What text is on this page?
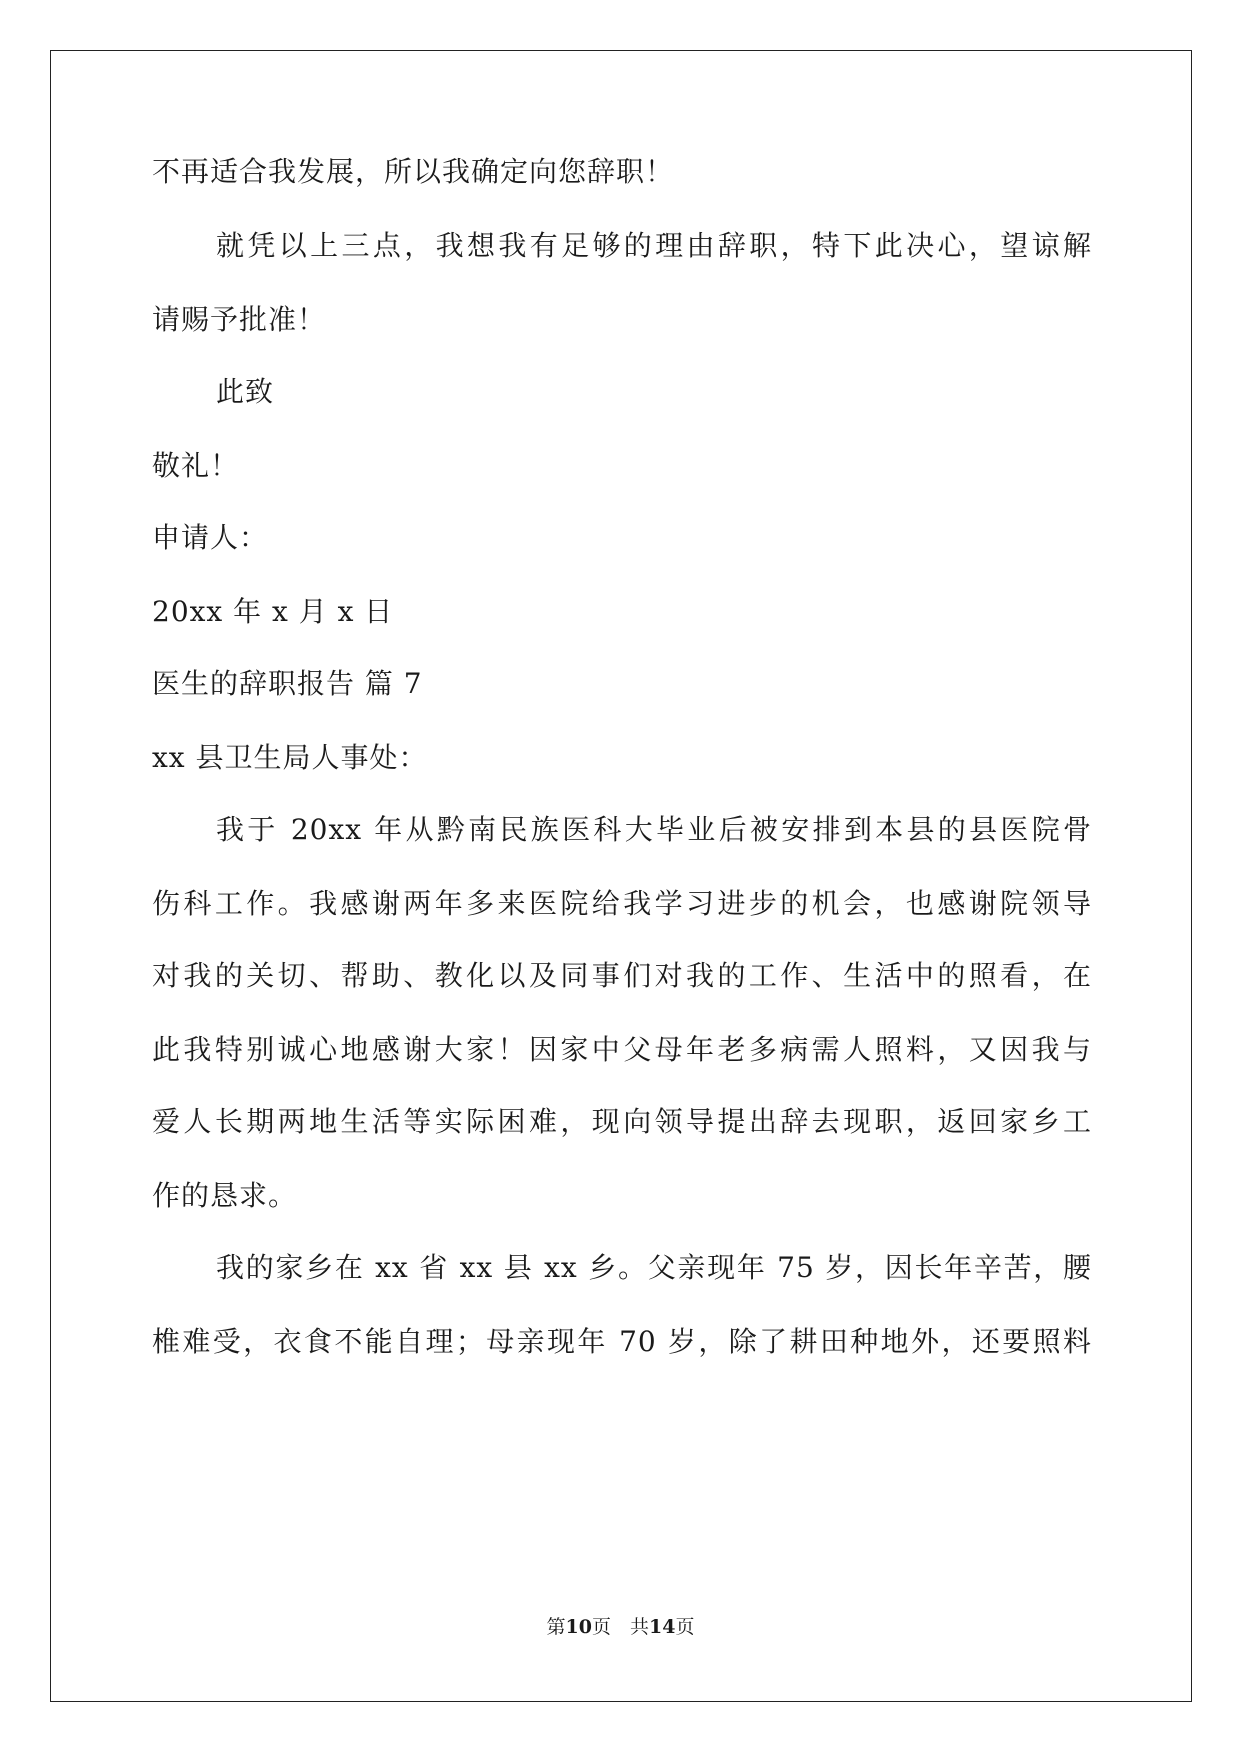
不再适合我发展，所以我确定向您辞职！
就凭以上三点，我想我有足够的理由辞职，特下此决心，望谅解
请赐予批准！
此致
敬礼！
申请人：
20xx 年 x 月 x 日
医生的辞职报告 篇 7
xx 县卫生局人事处：
我于 20xx 年从黔南民族医科大毕业后被安排到本县的县医院骨
伤科工作。我感谢两年多来医院给我学习进步的机会，也感谢院领导
对我的关切、帮助、教化以及同事们对我的工作、生活中的照看，在
此我特别诚心地感谢大家！因家中父母年老多病需人照料，又因我与
爱人长期两地生活等实际困难，现向领导提出辞去现职，返回家乡工
作的恳求。
我的家乡在 xx 省 xx 县 xx 乡。父亲现年 75 岁，因长年辛苦，腰
椎难受，衣食不能自理；母亲现年 70 岁，除了耕田种地外，还要照料
第10页　共14页
